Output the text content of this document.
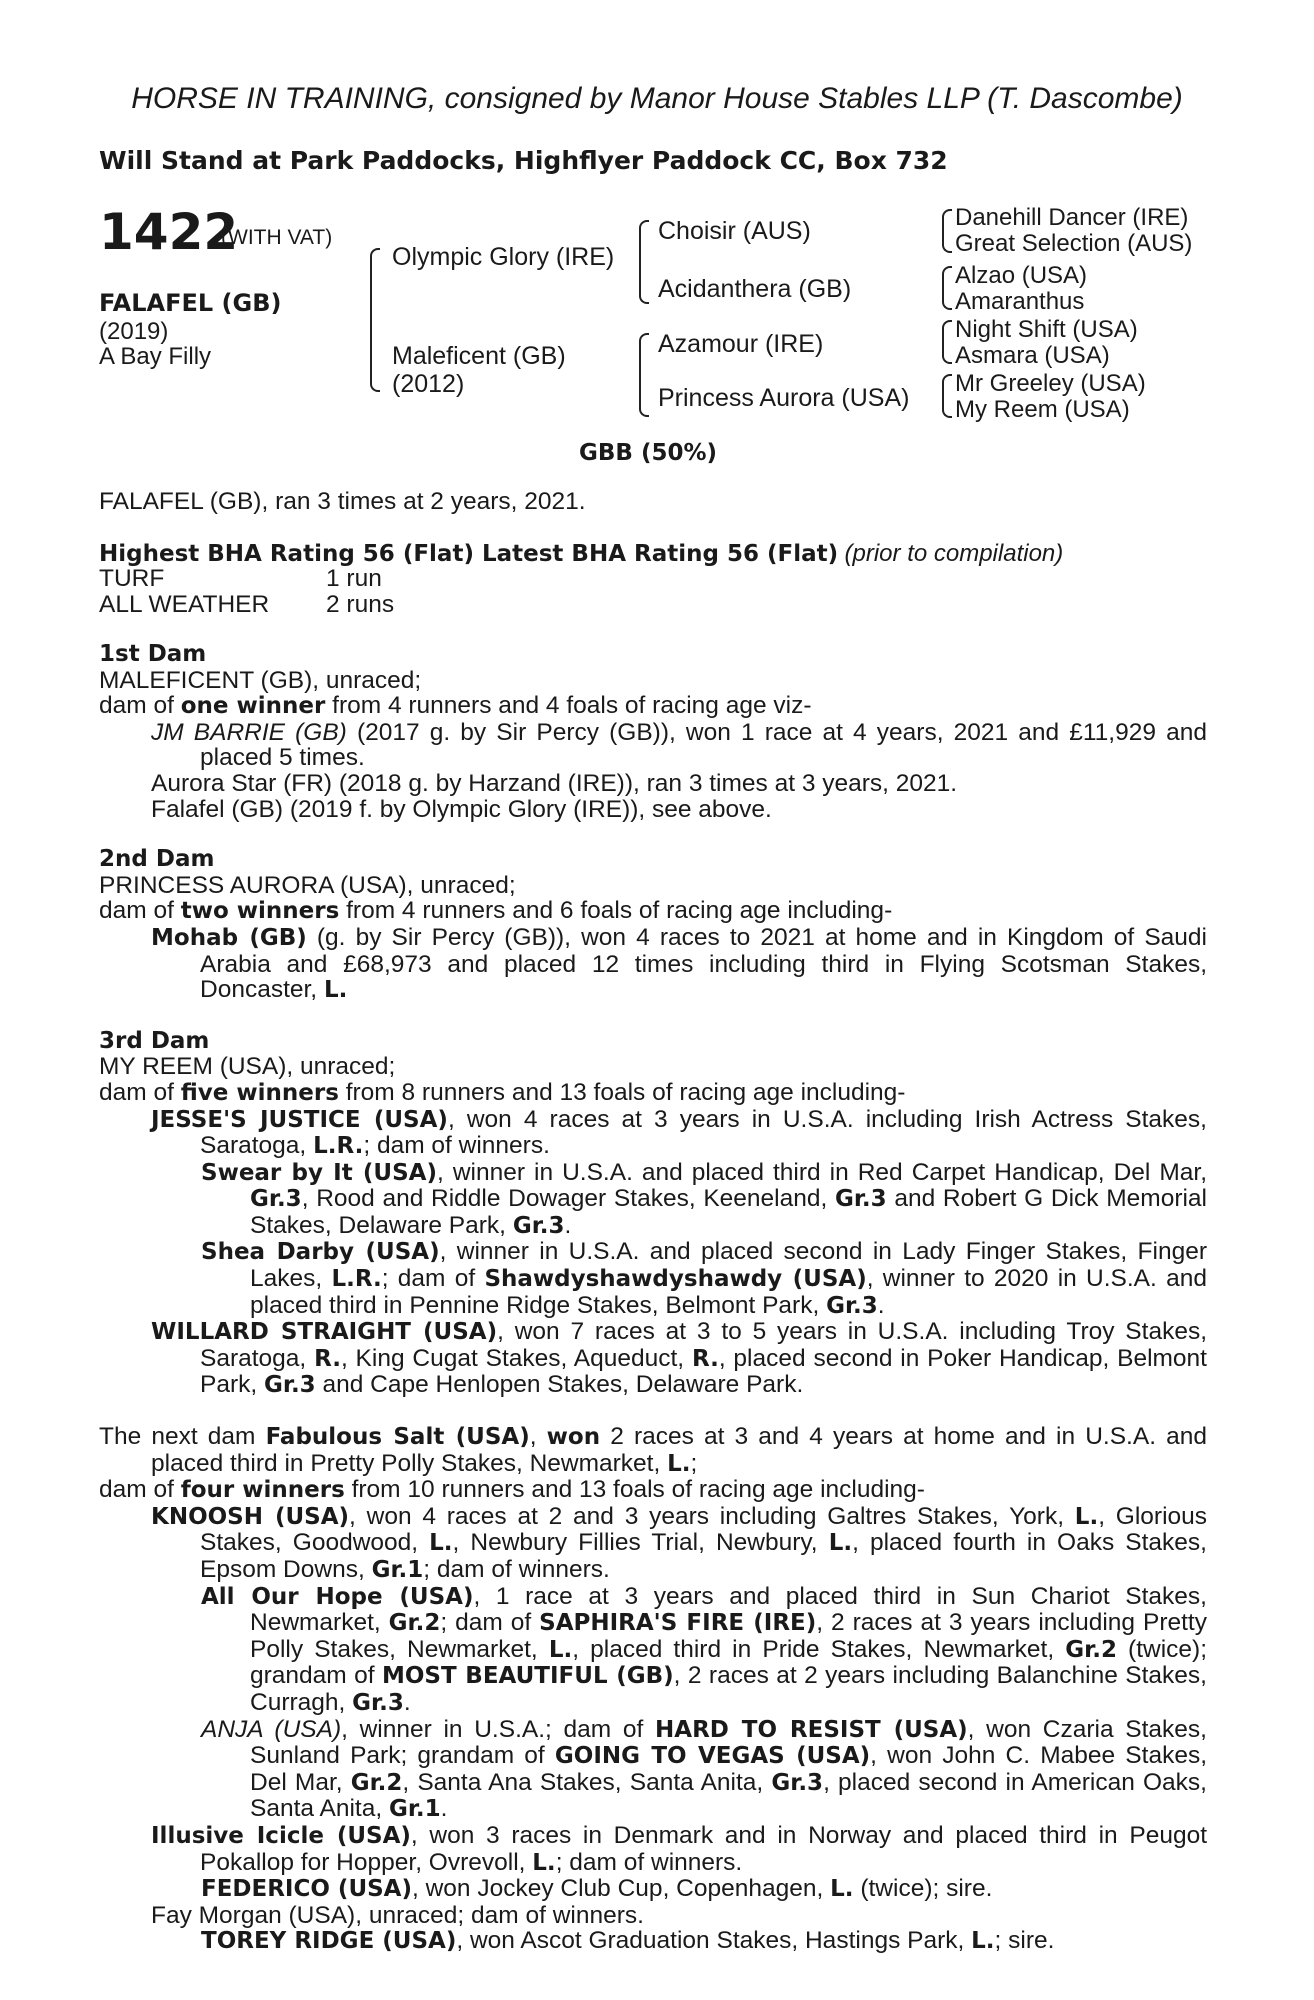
HORSE IN TRAINING, consigned by Manor House Stables LLP (T. Dascombe)
Will Stand at Park Paddocks, Highflyer Paddock CC, Box 732
1422
(WITH VAT)
FALAFEL (GB)
(2019)
A Bay Filly
Olympic Glory (IRE)
Maleficent (GB)
(2012)
Choisir (AUS)
Acidanthera (GB)
Azamour (IRE)
Princess Aurora (USA)
Danehill Dancer (IRE)
Great Selection (AUS)
Alzao (USA)
Amaranthus
Night Shift (USA)
Asmara (USA)
Mr Greeley (USA)
My Reem (USA)
GBB (50%)
FALAFEL (GB), ran 3 times at 2 years, 2021.
Highest BHA Rating 56 (Flat) Latest BHA Rating 56 (Flat) (prior to compilation)
TURF	1 run
ALL WEATHER 2 runs

1st Dam

MALEFICENT (GB), unraced;

dam of one winner from 4 runners and 4 foals of racing age viz-

JM BARRIE (GB) (2017 g. by Sir Percy (GB)), won 1 race at 4 years, 2021 and £11,929 and placed 5 times.

Aurora Star (FR) (2018 g. by Harzand (IRE)), ran 3 times at 3 years, 2021.

Falafel (GB) (2019 f. by Olympic Glory (IRE)), see above.

2nd Dam

PRINCESS AURORA (USA), unraced;

dam of two winners from 4 runners and 6 foals of racing age including-

Mohab (GB) (g. by Sir Percy (GB)), won 4 races to 2021 at home and in Kingdom of Saudi Arabia and £68,973 and placed 12 times including third in Flying Scotsman Stakes, Doncaster, L.

3rd Dam

MY REEM (USA), unraced;

dam of five winners from 8 runners and 13 foals of racing age including-

JESSE'S JUSTICE (USA), won 4 races at 3 years in U.S.A. including Irish Actress Stakes, Saratoga, L.R.; dam of winners.

Swear by It (USA), winner in U.S.A. and placed third in Red Carpet Handicap, Del Mar, Gr.3, Rood and Riddle Dowager Stakes, Keeneland, Gr.3 and Robert G Dick Memorial Stakes, Delaware Park, Gr.3.

Shea Darby (USA), winner in U.S.A. and placed second in Lady Finger Stakes, Finger Lakes, L.R.; dam of Shawdyshawdyshawdy (USA), winner to 2020 in U.S.A. and placed third in Pennine Ridge Stakes, Belmont Park, Gr.3.

WILLARD STRAIGHT (USA), won 7 races at 3 to 5 years in U.S.A. including Troy Stakes, Saratoga, R., King Cugat Stakes, Aqueduct, R., placed second in Poker Handicap, Belmont Park, Gr.3 and Cape Henlopen Stakes, Delaware Park.

The next dam Fabulous Salt (USA), won 2 races at 3 and 4 years at home and in U.S.A. and placed third in Pretty Polly Stakes, Newmarket, L.;

dam of four winners from 10 runners and 13 foals of racing age including-

KNOOSH (USA), won 4 races at 2 and 3 years including Galtres Stakes, York, L., Glorious Stakes, Goodwood, L., Newbury Fillies Trial, Newbury, L., placed fourth in Oaks Stakes, Epsom Downs, Gr.1; dam of winners.

All Our Hope (USA), 1 race at 3 years and placed third in Sun Chariot Stakes, Newmarket, Gr.2; dam of SAPHIRA'S FIRE (IRE), 2 races at 3 years including Pretty Polly Stakes, Newmarket, L., placed third in Pride Stakes, Newmarket, Gr.2 (twice); grandam of MOST BEAUTIFUL (GB), 2 races at 2 years including Balanchine Stakes, Curragh, Gr.3.

ANJA (USA), winner in U.S.A.; dam of HARD TO RESIST (USA), won Czaria Stakes, Sunland Park; grandam of GOING TO VEGAS (USA), won John C. Mabee Stakes, Del Mar, Gr.2, Santa Ana Stakes, Santa Anita, Gr.3, placed second in American Oaks, Santa Anita, Gr.1.

Illusive Icicle (USA), won 3 races in Denmark and in Norway and placed third in Peugot Pokallop for Hopper, Ovrevoll, L.; dam of winners.

FEDERICO (USA), won Jockey Club Cup, Copenhagen, L. (twice); sire.

Fay Morgan (USA), unraced; dam of winners.

TOREY RIDGE (USA), won Ascot Graduation Stakes, Hastings Park, L.; sire.
